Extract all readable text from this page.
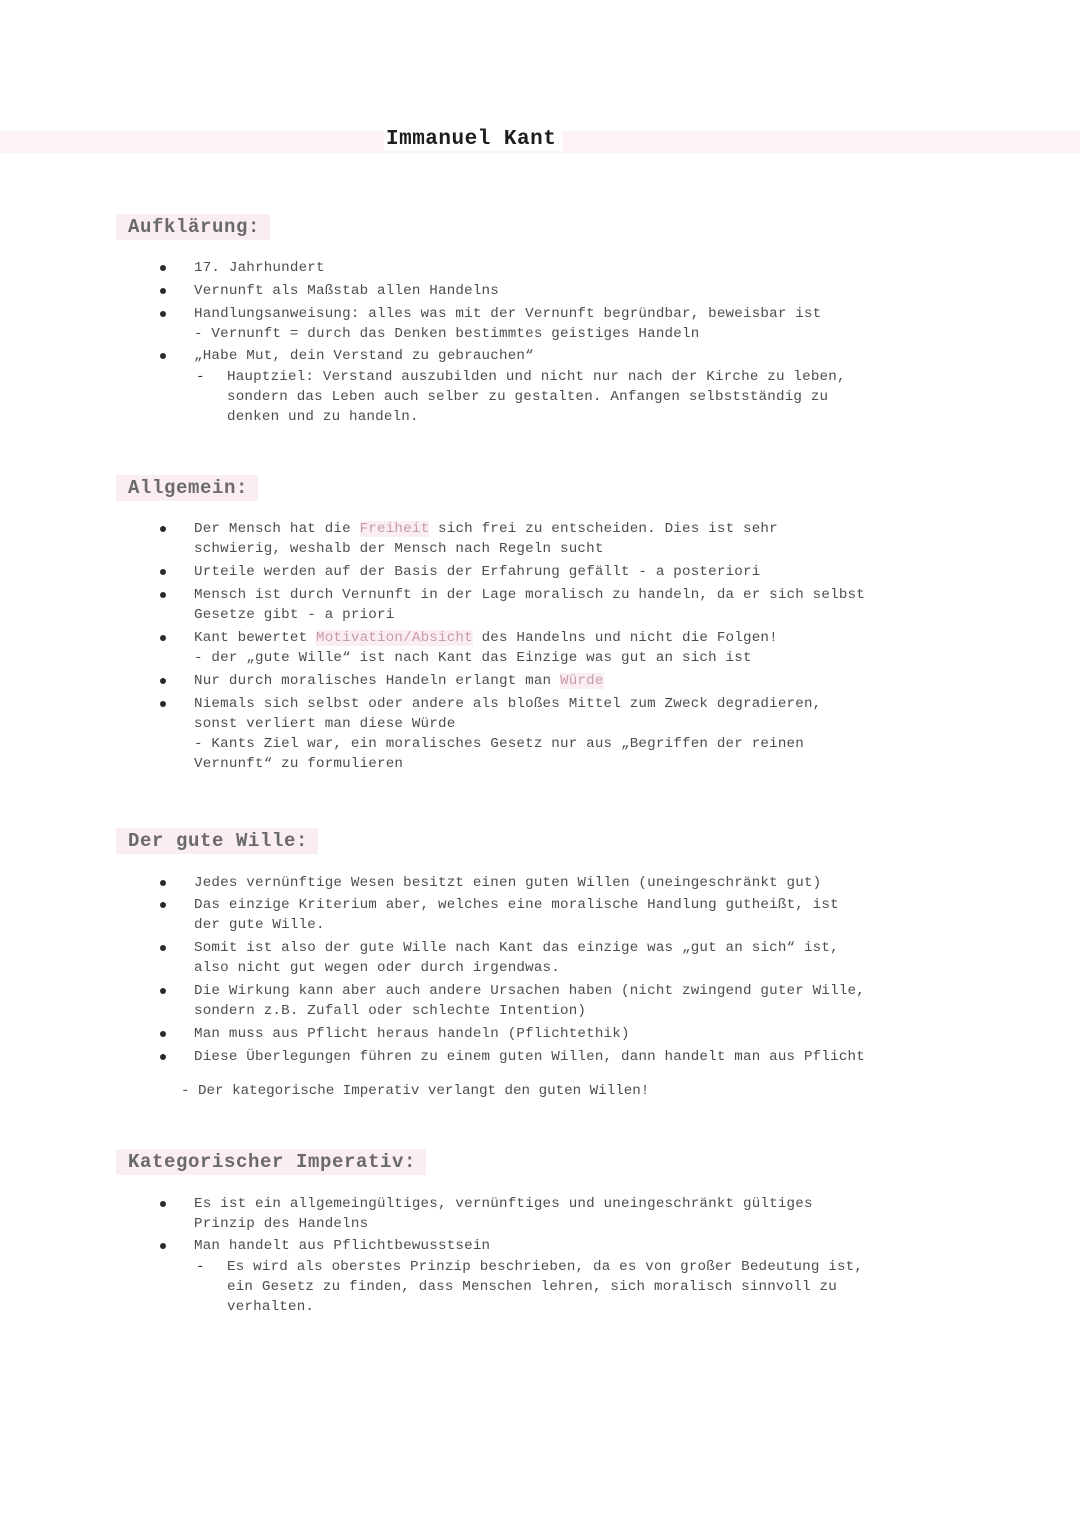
Immanuel Kant
Aufklärung:
17. Jahrhundert
Vernunft als Maßstab allen Handelns
Handlungsanweisung: alles was mit der Vernunft begründbar, beweisbar ist
- Vernunft = durch das Denken bestimmtes geistiges Handeln
„Habe Mut, dein Verstand zu gebrauchen“
- Hauptziel: Verstand auszubilden und nicht nur nach der Kirche zu leben,
sondern das Leben auch selber zu gestalten. Anfangen selbstständig zu
denken und zu handeln.
Allgemein:
Der Mensch hat die Freiheit sich frei zu entscheiden. Dies ist sehr
schwierig, weshalb der Mensch nach Regeln sucht
Urteile werden auf der Basis der Erfahrung gefällt - a posteriori
Mensch ist durch Vernunft in der Lage moralisch zu handeln, da er sich selbst
Gesetze gibt - a priori
Kant bewertet Motivation/Absicht des Handelns und nicht die Folgen!
- der „gute Wille“ ist nach Kant das Einzige was gut an sich ist
Nur durch moralisches Handeln erlangt man Würde
Niemals sich selbst oder andere als bloßes Mittel zum Zweck degradieren,
sonst verliert man diese Würde
- Kants Ziel war, ein moralisches Gesetz nur aus „Begriffen der reinen
Vernunft“ zu formulieren
Der gute Wille:
Jedes vernünftige Wesen besitzt einen guten Willen (uneingeschränkt gut)
Das einzige Kriterium aber, welches eine moralische Handlung gutheißt, ist
der gute Wille.
Somit ist also der gute Wille nach Kant das einzige was „gut an sich“ ist,
also nicht gut wegen oder durch irgendwas.
Die Wirkung kann aber auch andere Ursachen haben (nicht zwingend guter Wille,
sondern z.B. Zufall oder schlechte Intention)
Man muss aus Pflicht heraus handeln (Pflichtethik)
Diese Überlegungen führen zu einem guten Willen, dann handelt man aus Pflicht
- Der kategorische Imperativ verlangt den guten Willen!
Kategorischer Imperativ:
Es ist ein allgemeingültiges, vernünftiges und uneingeschränkt gültiges
Prinzip des Handelns
Man handelt aus Pflichtbewusstsein
- Es wird als oberstes Prinzip beschrieben, da es von großer Bedeutung ist,
ein Gesetz zu finden, dass Menschen lehren, sich moralisch sinnvoll zu
verhalten.
